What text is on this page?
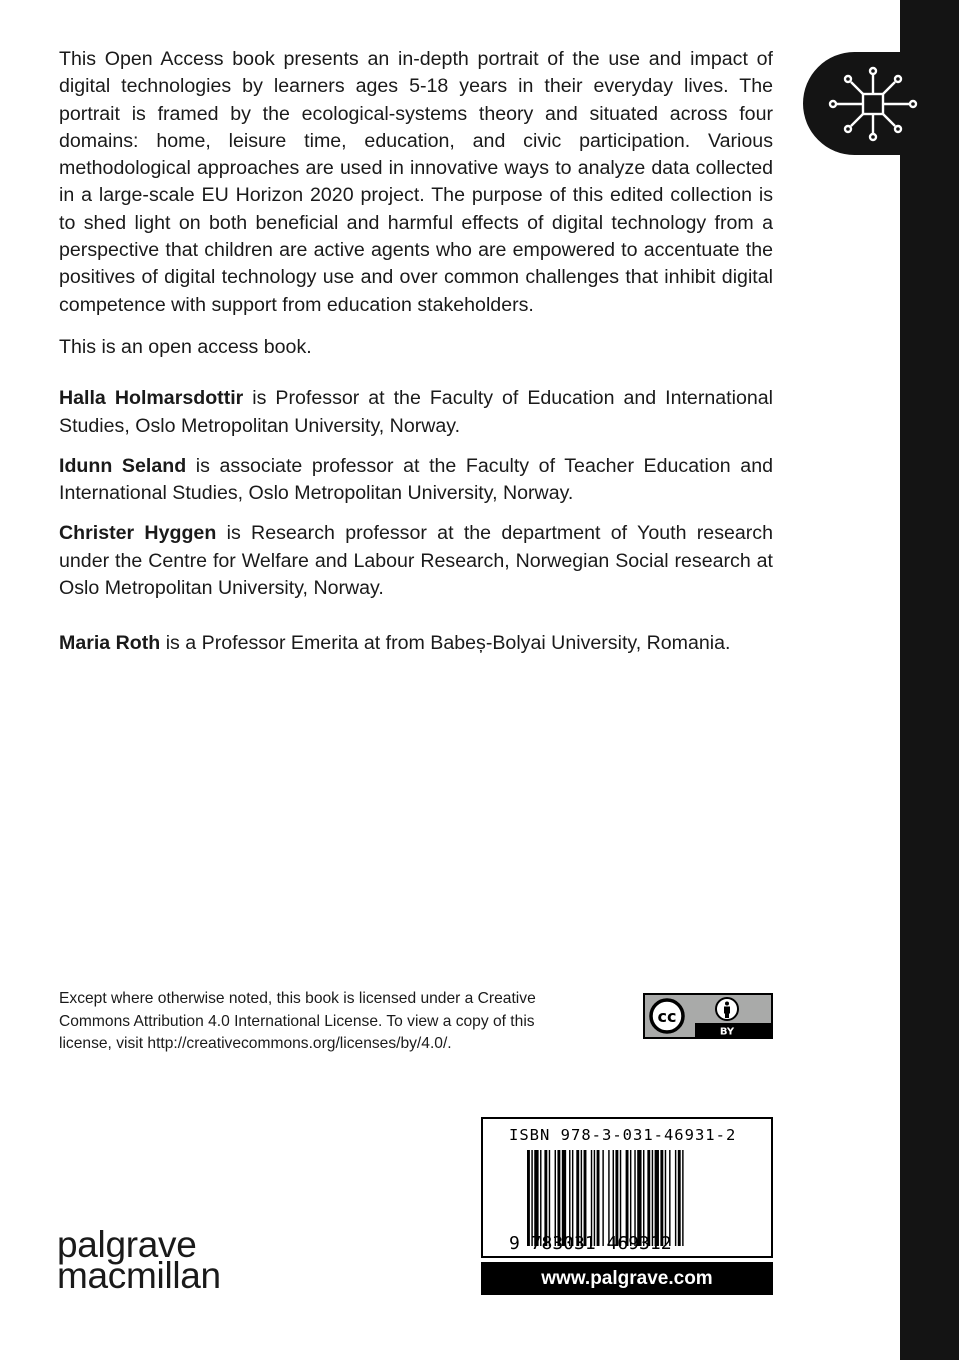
This Open Access book presents an in-depth portrait of the use and impact of digital technologies by learners ages 5-18 years in their everyday lives. The portrait is framed by the ecological-systems theory and situated across four domains: home, leisure time, education, and civic participation. Various methodological approaches are used in innovative ways to analyze data collected in a large-scale EU Horizon 2020 project. The purpose of this edited collection is to shed light on both beneficial and harmful effects of digital technology from a perspective that children are active agents who are empowered to accentuate the positives of digital technology use and over common challenges that inhibit digital competence with support from education stakeholders.

This is an open access book.

Halla Holmarsdottir is Professor at the Faculty of Education and International Studies, Oslo Metropolitan University, Norway.

Idunn Seland is associate professor at the Faculty of Teacher Education and International Studies, Oslo Metropolitan University, Norway.

Christer Hyggen is Research professor at the department of Youth research under the Centre for Welfare and Labour Research, Norwegian Social research at Oslo Metropolitan University, Norway.

Maria Roth is a Professor Emerita at from Babeș-Bolyai University, Romania.

Except where otherwise noted, this book is licensed under a Creative Commons Attribution 4.0 International License. To view a copy of this license, visit http://creativecommons.org/licenses/by/4.0/.

cc
BY
ISBN 978-3-031-46931-2
9 783031 469312
www.palgrave.com
palgrave
macmillan
